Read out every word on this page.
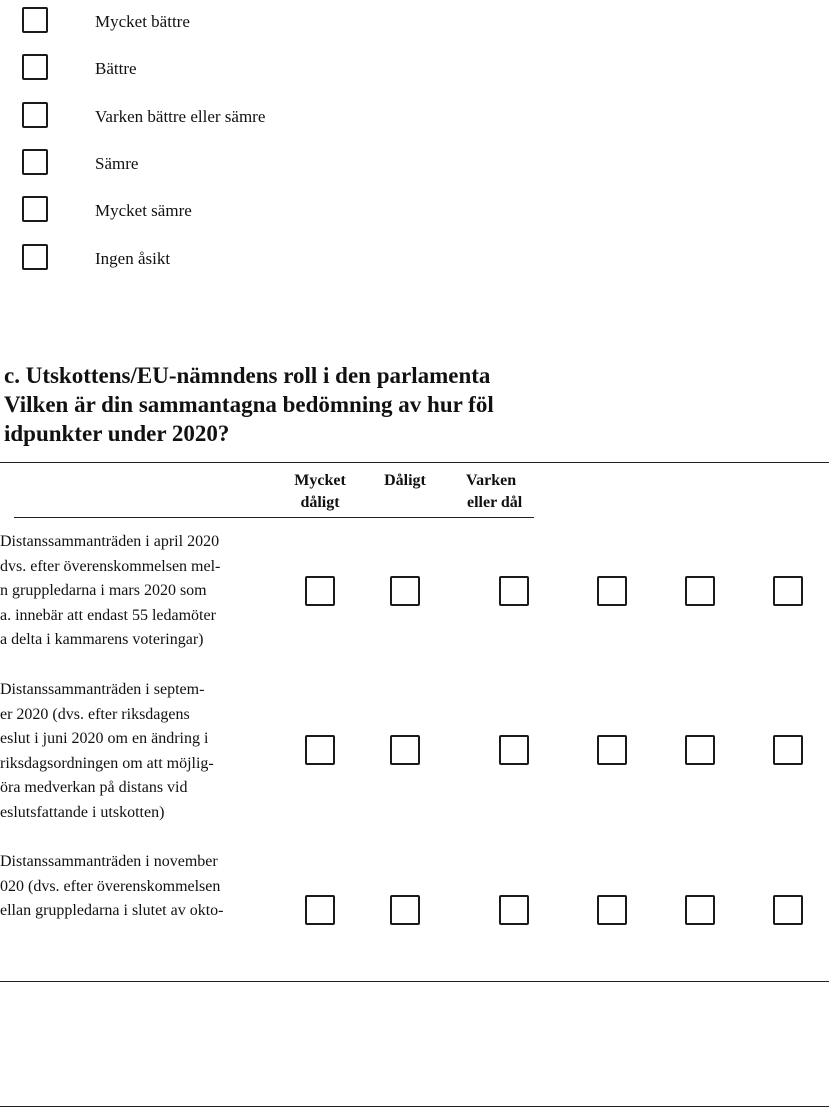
Mycket bättre
Bättre
Varken bättre eller sämre
Sämre
Mycket sämre
Ingen åsikt
c. Utskottens/EU-nämndens roll i den parlamenta
Vilken är din sammantagna bedömning av hur föl
idpunkter under 2020?
Mycket
dåligt
Dåligt	Varken
eller dål
Distanssammanträden i april 2020
dvs. efter överenskommelsen mel-
n gruppledarna i mars 2020 som
a. innebär att endast 55 ledamöter
a delta i kammarens voteringar)
Distanssammanträden i septem-
er 2020 (dvs. efter riksdagens
eslut i juni 2020 om en ändring i
riksdagsordningen om att möjlig-
öra medverkan på distans vid
eslutsfattande i utskotten)
Distanssammanträden i november
020 (dvs. efter överenskommelsen
ellan gruppledarna i slutet av okto-
